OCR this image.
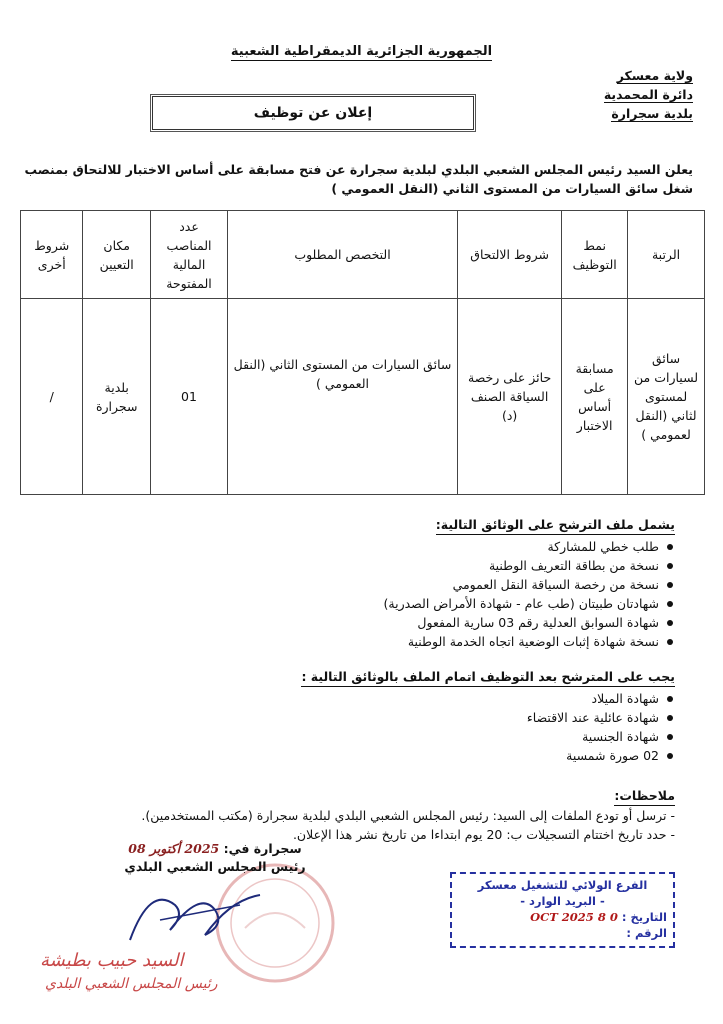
الجمهورية الجزائرية الديمقراطية الشعبية
ولاية معسكر
دائرة المحمدية
بلدية سجرارة
إعلان عن توظيف
يعلن السيد رئيس المجلس الشعبي البلدي لبلدية سجرارة عن فتح مسابقة على أساس الاختبار للالتحاق بمنصب شغل سائق السيارات من المستوى الثاني (النقل العمومي )
الرتبة	نمط التوظيف	شروط الالتحاق	التخصص المطلوب	عدد المناصب المالية المفتوحة	مكان التعيين	شروط أخرى
سائق لسيارات من لمستوى لثاني (النقل لعمومي )	مسابقة على أساس الاختبار	حائز على رخصة السياقة الصنف (د)	سائق السيارات من المستوى الثاني (النقل العمومي )	01	بلدية سجرارة	/
يشمل ملف الترشح على الوثائق التالية:
طلب خطي للمشاركة
نسخة من بطاقة التعريف الوطنية
نسخة من رخصة السياقة النقل العمومي
شهادتان طبيتان (طب عام - شهادة الأمراض الصدرية)
شهادة السوابق العدلية رقم 03 سارية المفعول
نسخة شهادة إثبات الوضعية اتجاه الخدمة الوطنية
يجب على المترشح بعد التوظيف اتمام الملف بالوثائق التالية :
شهادة الميلاد
شهادة عائلية عند الاقتضاء
شهادة الجنسية
02 صورة شمسية
ملاحظات:
- ترسل أو تودع الملفات إلى السيد: رئيس المجلس الشعبي البلدي لبلدية سجرارة (مكتب المستخدمين).
- حدد تاريخ اختتام التسجيلات ب: 20 يوم ابتداءا من تاريخ نشر هذا الإعلان.
سجرارة في: 2025 أكتوبر 08
رئيس المجلس الشعبي البلدي
السيد حبيب بطيشة
رئيس المجلس الشعبي البلدي
الفرع الولائي للتشغيل معسكر
- البريد الوارد -
التاريخ : 0 8 OCT 2025
الرقم :
